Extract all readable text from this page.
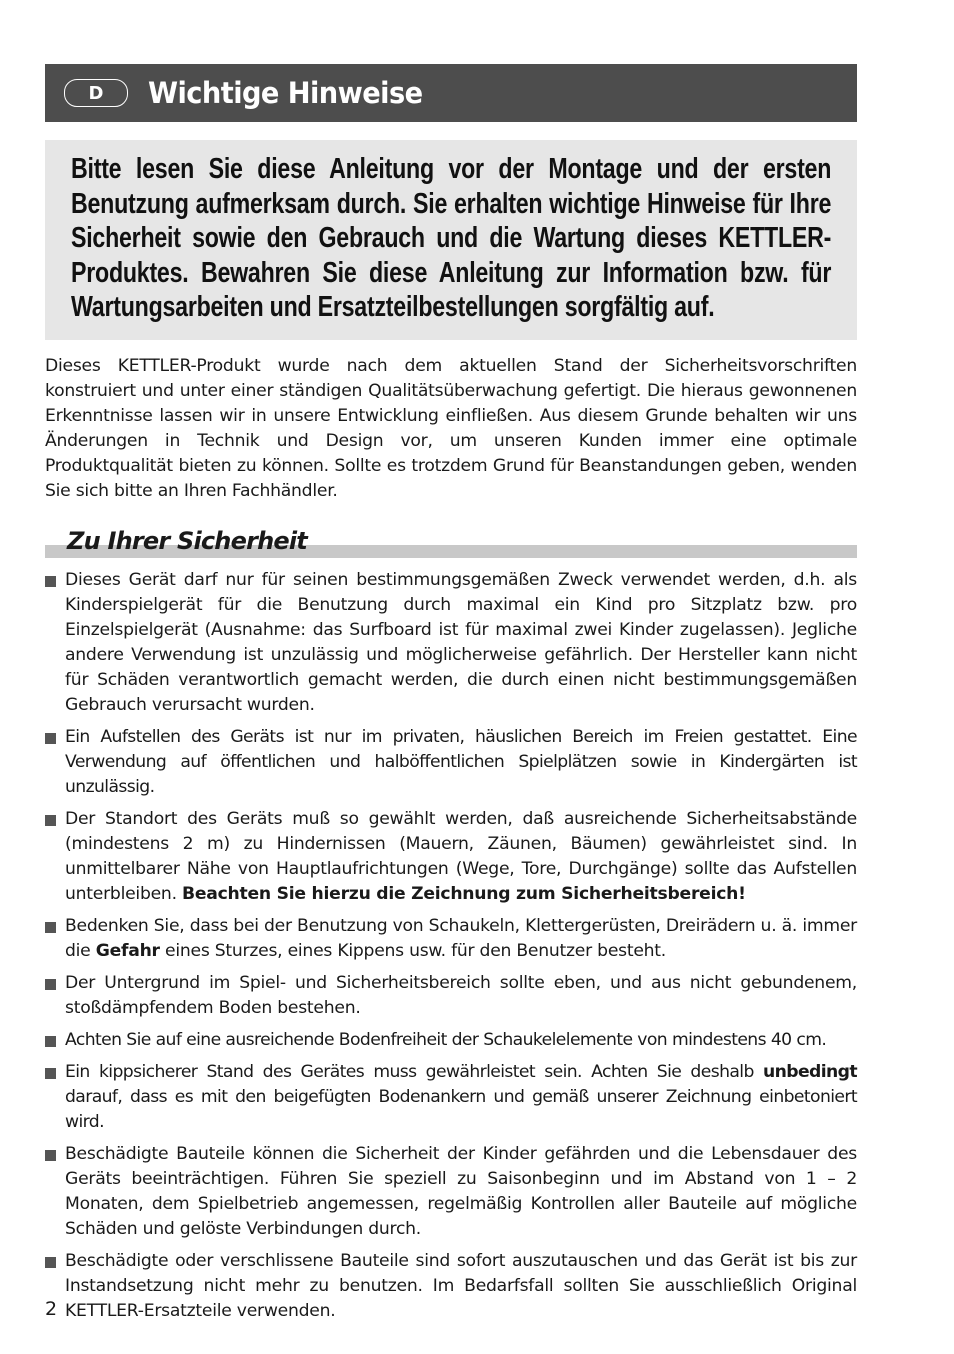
D	Wichtige Hinweise

Bitte lesen Sie diese Anleitung vor der Montage und der ersten Benutzung aufmerksam durch. Sie erhalten wichtige Hinweise für Ihre Sicherheit sowie den Gebrauch und die Wartung dieses KETTLER-Produktes. Bewahren Sie diese Anleitung zur Information bzw. für Wartungsarbeiten und Ersatzteilbestellungen sorgfältig auf.

Dieses KETTLER-Produkt wurde nach dem aktuellen Stand der Sicherheitsvorschriften konstruiert und unter einer ständigen Qualitätsüberwachung gefertigt. Die hieraus gewonnenen Erkenntnisse lassen wir in unsere Entwicklung einfließen. Aus diesem Grunde behalten wir uns Änderungen in Technik und Design vor, um unseren Kunden immer eine optimale Produktqualität bieten zu können. Sollte es trotzdem Grund für Beanstandungen geben, wenden Sie sich bitte an Ihren Fachhändler.

Zu Ihrer Sicherheit
Dieses Gerät darf nur für seinen bestimmungsgemäßen Zweck verwendet werden, d.h. als Kinderspielgerät für die Benutzung durch maximal ein Kind pro Sitzplatz bzw. pro Einzelspielgerät (Ausnahme: das Surfboard ist für maximal zwei Kinder zugelassen). Jegliche andere Verwendung ist unzulässig und möglicherweise gefährlich. Der Hersteller kann nicht für Schäden verantwortlich gemacht werden, die durch einen nicht bestimmungsgemäßen Gebrauch verursacht wurden.
Ein Aufstellen des Geräts ist nur im privaten, häuslichen Bereich im Freien gestattet. Eine Verwendung auf öffentlichen und halböffentlichen Spielplätzen sowie in Kindergärten ist unzulässig.
Der Standort des Geräts muß so gewählt werden, daß ausreichende Sicherheitsabstände (mindestens 2 m) zu Hindernissen (Mauern, Zäunen, Bäumen) gewährleistet sind. In unmittelbarer Nähe von Hauptlaufrichtungen (Wege, Tore, Durchgänge) sollte das Aufstellen unterbleiben. Beachten Sie hierzu die Zeichnung zum Sicherheitsbereich!
Bedenken Sie, dass bei der Benutzung von Schaukeln, Klettergerüsten, Dreirädern u. ä. immer die Gefahr eines Sturzes, eines Kippens usw. für den Benutzer besteht.
Der Untergrund im Spiel- und Sicherheitsbereich sollte eben, und aus nicht gebundenem, stoßdämpfendem Boden bestehen.
Achten Sie auf eine ausreichende Bodenfreiheit der Schaukelelemente von mindestens 40 cm.
Ein kippsicherer Stand des Gerätes muss gewährleistet sein. Achten Sie deshalb unbedingt darauf, dass es mit den beigefügten Bodenankern und gemäß unserer Zeichnung einbetoniert wird.
Beschädigte Bauteile können die Sicherheit der Kinder gefährden und die Lebensdauer des Geräts beeinträchtigen. Führen Sie speziell zu Saisonbeginn und im Abstand von 1 – 2 Monaten, dem Spielbetrieb angemessen, regelmäßig Kontrollen aller Bauteile auf mögliche Schäden und gelöste Verbindungen durch.
Beschädigte oder verschlissene Bauteile sind sofort auszutauschen und das Gerät ist bis zur Instandsetzung nicht mehr zu benutzen. Im Bedarfsfall sollten Sie ausschließlich Original KETTLER-Ersatzteile verwenden.
2
